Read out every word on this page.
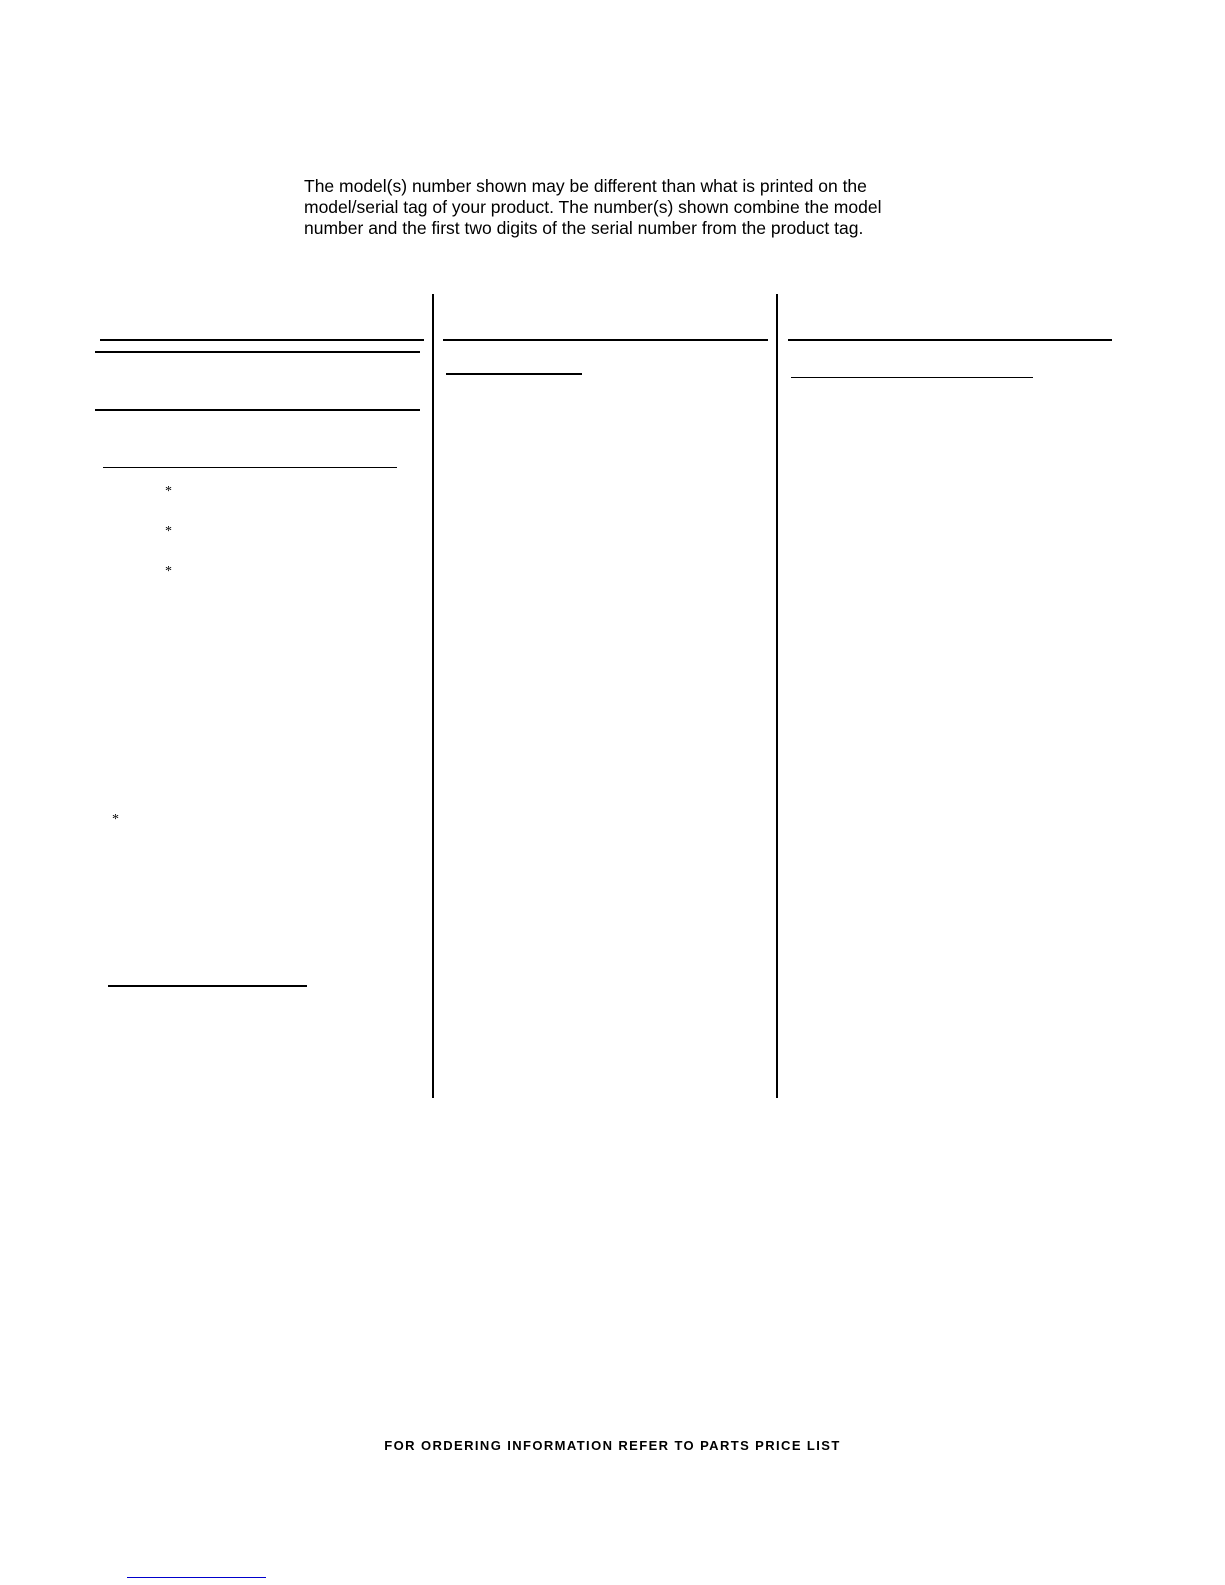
The model(s) number shown may be different than what is printed on the
model/serial tag of your product. The number(s) shown combine the model
number and the first two digits of the serial number from the product tag.

*
*
*
*
FOR ORDERING INFORMATION REFER TO PARTS PRICE LIST
